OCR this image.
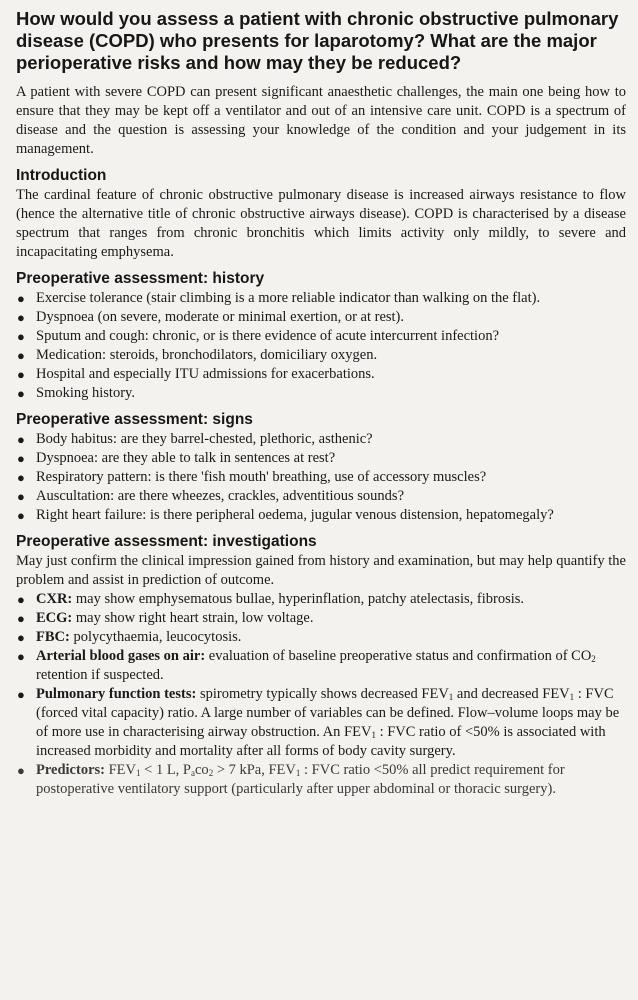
How would you assess a patient with chronic obstructive pulmonary disease (COPD) who presents for laparotomy? What are the major perioperative risks and how may they be reduced?

A patient with severe COPD can present significant anaesthetic challenges, the main one being how to ensure that they may be kept off a ventilator and out of an intensive care unit. COPD is a spectrum of disease and the question is assessing your knowledge of the condition and your judgement in its management.

Introduction

The cardinal feature of chronic obstructive pulmonary disease is increased airways resistance to flow (hence the alternative title of chronic obstructive airways disease). COPD is characterised by a disease spectrum that ranges from chronic bronchitis which limits activity only mildly, to severe and incapacitating emphysema.

Preoperative assessment: history
● Exercise tolerance (stair climbing is a more reliable indicator than walking on the flat).
● Dyspnoea (on severe, moderate or minimal exertion, or at rest).
● Sputum and cough: chronic, or is there evidence of acute intercurrent infection?
● Medication: steroids, bronchodilators, domiciliary oxygen.
● Hospital and especially ITU admissions for exacerbations.
● Smoking history.
Preoperative assessment: signs
● Body habitus: are they barrel-chested, plethoric, asthenic?
● Dyspnoea: are they able to talk in sentences at rest?
● Respiratory pattern: is there 'fish mouth' breathing, use of accessory muscles?
● Auscultation: are there wheezes, crackles, adventitious sounds?
● Right heart failure: is there peripheral oedema, jugular venous distension, hepatomegaly?
Preoperative assessment: investigations

May just confirm the clinical impression gained from history and examination, but may help quantify the problem and assist in prediction of outcome.

● CXR: may show emphysematous bullae, hyperinflation, patchy atelectasis, fibrosis.
● ECG: may show right heart strain, low voltage.
● FBC: polycythaemia, leucocytosis.
● Arterial blood gases on air: evaluation of baseline preoperative status and confirmation of $CO_2$ retention if suspected.
● Pulmonary function tests: spirometry typically shows decreased $FEV_1$ and decreased $FEV_1$ : FVC (forced vital capacity) ratio. A large number of variables can be defined. Flow–volume loops may be of more use in characterising airway obstruction. An $FEV_1$ : FVC ratio of <50% is associated with increased morbidity and mortality after all forms of body cavity surgery.
● Predictors: $FEV_1 < 1$ L, $P_aco_2 > 7$ kPa, $FEV_1$ : FVC ratio <50% all predict requirement for postoperative ventilatory support (particularly after upper abdominal or thoracic surgery).
